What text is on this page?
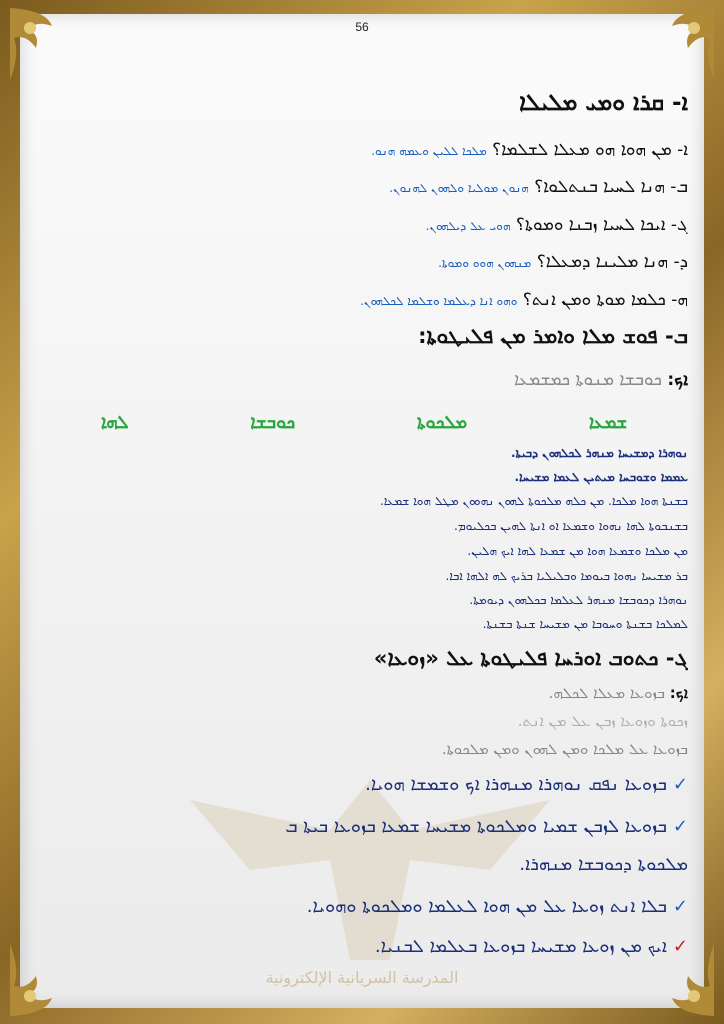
56
ܐ- ܩܪܐ ܘܡܝ ܡܠܝܠܐ
ܐ- ܡܢ ܗܘܐ ܗܘ ܡܥܠܐ ܠܫܠܡܐ؟ ܡܠܟܐ ܠܠܝܢ ܘܥܡܗ ܗܢܘ.
ܒ- ܗܢܐ ܠܚܝܐ ܒܢܬܠܘܐ؟ ܗܢܘܢ ܡܘܠܝܐ ܘܠܗܘܢ ܠܗܢܘܢ.
ܓ- ܐܝܟܐ ܠܚܝܐ ܙܒܢܐ ܘܡܘܬܐ؟ ܗܘܝ ܥܠ ܕܝܠܗܘܢ.
ܕ- ܗܢܐ ܡܠܝܢܐ ܕܡܥܠܐ؟ ܡܢܗܘܢ ܗܘܘ ܘܡܘܬܐ.
ܗ- ܟܠܡܐ ܡܘܬܐ ܘܡܢ ܐܢܬ؟ ܘܗܘ ܐܢܐ ܕܥܠܡܐ ܘܫܠܡܐ ܠܟܠܗܘܢ.
ܒ- ܦܘܫ ܡܠܐ ܘܐܡܪ ܡܢ ܦܠܝܛܘܬܐ:
ܐܟ: ܟܘܒܫܐ ܡܢܘܬܐ ܟܡܫܡܥܐ
ܫܡܥܐ
ܡܠܟܘܬܐ
ܟܘܒܫܐ
ܠܗܐ
ܢܘܗܪܐ ܕܡܫܝܚܐ ܡܢܗܪ ܠܟܠܗܘܢ ܕܒܝܬܐ.
ܥܡܡܐ ܘܫܘܒܚܐ ܡܝܬܝܢ ܠܥܡܐ ܡܫܝܚܐ.
ܒܫܢܬܐ ܗܘܐ ܡܠܟܐ. ܡܢ ܟܠܗ ܡܠܟܘܬܐ ܠܗܘܢ ܢܗܘܘܢ ܡܛܠ ܗܘܐ ܫܡܥܐ.
ܒܫܢܒܘܬܐ ܠܗܐ ܢܗܘܐ ܘܫܡܥܐ ܐܘ ܐܢܬܐ ܠܗܝܢ ܒܟܠܝܘܡ.
ܡܢ ܡܠܟܐ ܘܫܡܥܐ ܗܘܐ ܡܢ ܫܡܥܐ ܠܗܐ ܐܝܟ ܗܠܝܢ.
ܒܪ ܡܫܝܚܐ ܢܗܘܐ ܒܝܘܡܐ ܘܒܠܝܠܝܐ ܒܪܝܟ ܠܗ ܐܠܗܐ ܐܒܐ.
ܢܘܗܪܐ ܕܟܘܒܫܐ ܡܢܗܪ ܠܥܠܡܐ ܒܟܠܗܘܢ ܕܝܘܡܬܐ.
ܠܡܠܟܐ ܒܫܢܬܐ ܘܚܘܒܐ ܡܢ ܡܫܝܚܐ ܫܢܬܐ ܒܫܢܬܐ.
ܓ- ܟܬܘܒ ܐܘܪܚܐ ܦܠܝܛܘܬܐ ܥܠ «ܙܘܥܐ»
ܐܟ: ܒܙܘܥܐ ܡܥܠܐ ܠܟܠܗ.
ܙܟܘܬܐ ܘܙܘܥܐ ܙܒܢ ܥܠ ܡܢ ܐܢܬ.
ܒܙܘܥܐ ܥܠ ܡܠܟܐ ܘܡܢ ܠܗܘܢ ܘܡܢ ܡܠܟܘܬܐ.
✓ܒܙܘܥܐ ܢܦܩ ܢܘܗܪܐ ܡܢܗܪܐ ܐܟ ܘܫܡܫܐ ܗܘܝܐ.
✓ܒܙܘܥܐ ܠܙܒܢ ܫܡܝܐ ܘܡܠܟܘܬܐ ܡܫܝܚܐ ܫܡܥܐ ܒܙܘܥܐ ܒܝܬܐ ܒ
ܡܠܟܘܬܐ ܕܟܘܒܫܐ ܡܢܗܪܐ.
✓ܒܠܐ ܐܢܬ ܙܘܥܐ ܥܠ ܡܢ ܗܘܐ ܠܥܠܡܐ ܘܡܠܟܘܬܐ ܘܗܘܝܐ.
✓ܐܝܟ ܡܢ ܙܘܥܐ ܡܫܝܚܐ ܒܙܘܥܐ ܒܥܠܡܐ ܠܒܢܝܐ.
المدرسة السريانية الإلكترونية
